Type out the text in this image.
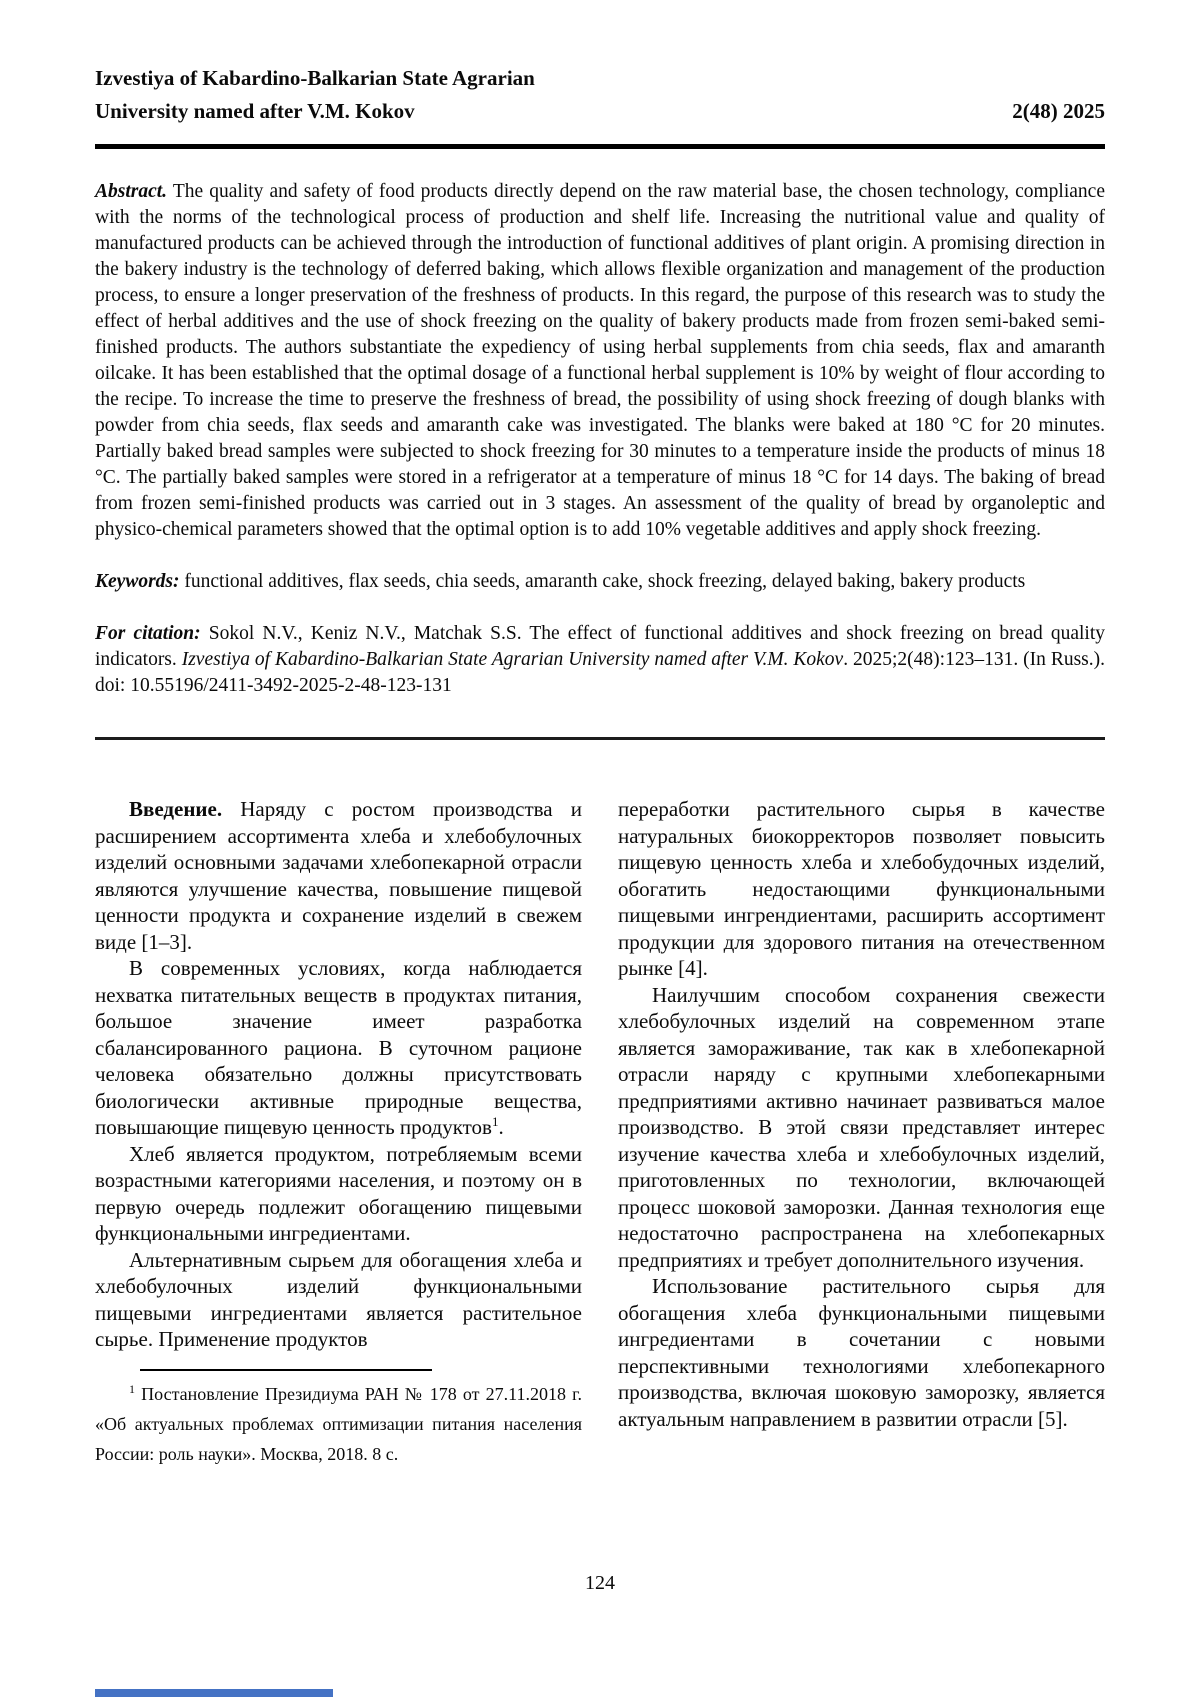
Izvestiya of Kabardino-Balkarian State Agrarian
University named after V.M. Kokov	2(48) 2025

Abstract. The quality and safety of food products directly depend on the raw material base, the chosen technology, compliance with the norms of the technological process of production and shelf life. Increasing the nutritional value and quality of manufactured products can be achieved through the introduction of functional additives of plant origin. A promising direction in the bakery industry is the technology of deferred baking, which allows flexible organization and management of the production process, to ensure a longer preservation of the freshness of products. In this regard, the purpose of this research was to study the effect of herbal additives and the use of shock freezing on the quality of bakery products made from frozen semi-baked semi-finished products. The authors substantiate the expediency of using herbal supplements from chia seeds, flax and amaranth oilcake. It has been established that the optimal dosage of a functional herbal supplement is 10% by weight of flour according to the recipe. To increase the time to preserve the freshness of bread, the possibility of using shock freezing of dough blanks with powder from chia seeds, flax seeds and amaranth cake was investigated. The blanks were baked at 180 °C for 20 minutes. Partially baked bread samples were subjected to shock freezing for 30 minutes to a temperature inside the products of minus 18 °C. The partially baked samples were stored in a refrigerator at a temperature of minus 18 °C for 14 days. The baking of bread from frozen semi-finished products was carried out in 3 stages. An assessment of the quality of bread by organoleptic and physico-chemical parameters showed that the optimal option is to add 10% vegetable additives and apply shock freezing.

Keywords: functional additives, flax seeds, chia seeds, amaranth cake, shock freezing, delayed baking, bakery products

For citation: Sokol N.V., Keniz N.V., Matchak S.S. The effect of functional additives and shock freezing on bread quality indicators. Izvestiya of Kabardino-Balkarian State Agrarian University named after V.M. Kokov. 2025;2(48):123–131. (In Russ.). doi: 10.55196/2411-3492-2025-2-48-123-131

Введение. Наряду с ростом производства и расширением ассортимента хлеба и хлебобулочных изделий основными задачами хлебопекарной отрасли являются улучшение качества, повышение пищевой ценности продукта и сохранение изделий в свежем виде [1–3].

В современных условиях, когда наблюдается нехватка питательных веществ в продуктах питания, большое значение имеет разработка сбалансированного рациона. В суточном рационе человека обязательно должны присутствовать биологически активные природные вещества, повышающие пищевую ценность продуктов$^1$.

Хлеб является продуктом, потребляемым всеми возрастными категориями населения, и поэтому он в первую очередь подлежит обогащению пищевыми функциональными ингредиентами.

Альтернативным сырьем для обогащения хлеба и хлебобулочных изделий функциональными пищевыми ингредиентами является растительное сырье. Применение продуктов

$^1$ Постановление Президиума РАН № 178 от 27.11.2018 г. «Об актуальных проблемах оптимизации питания населения России: роль науки». Москва, 2018. 8 с.

переработки растительного сырья в качестве натуральных биокорректоров позволяет повысить пищевую ценность хлеба и хлебобудочных изделий, обогатить недостающими функциональными пищевыми ингрендиентами, расширить ассортимент продукции для здорового питания на отечественном рынке [4].

Наилучшим способом сохранения свежести хлебобулочных изделий на современном этапе является замораживание, так как в хлебопекарной отрасли наряду с крупными хлебопекарными предприятиями активно начинает развиваться малое производство. В этой связи представляет интерес изучение качества хлеба и хлебобулочных изделий, приготовленных по технологии, включающей процесс шоковой заморозки. Данная технология еще недостаточно распространена на хлебопекарных предприятиях и требует дополнительного изучения.

Использование растительного сырья для обогащения хлеба функциональными пищевыми ингредиентами в сочетании с новыми перспективными технологиями хлебопекарного производства, включая шоковую заморозку, является актуальным направлением в развитии отрасли [5].

124
